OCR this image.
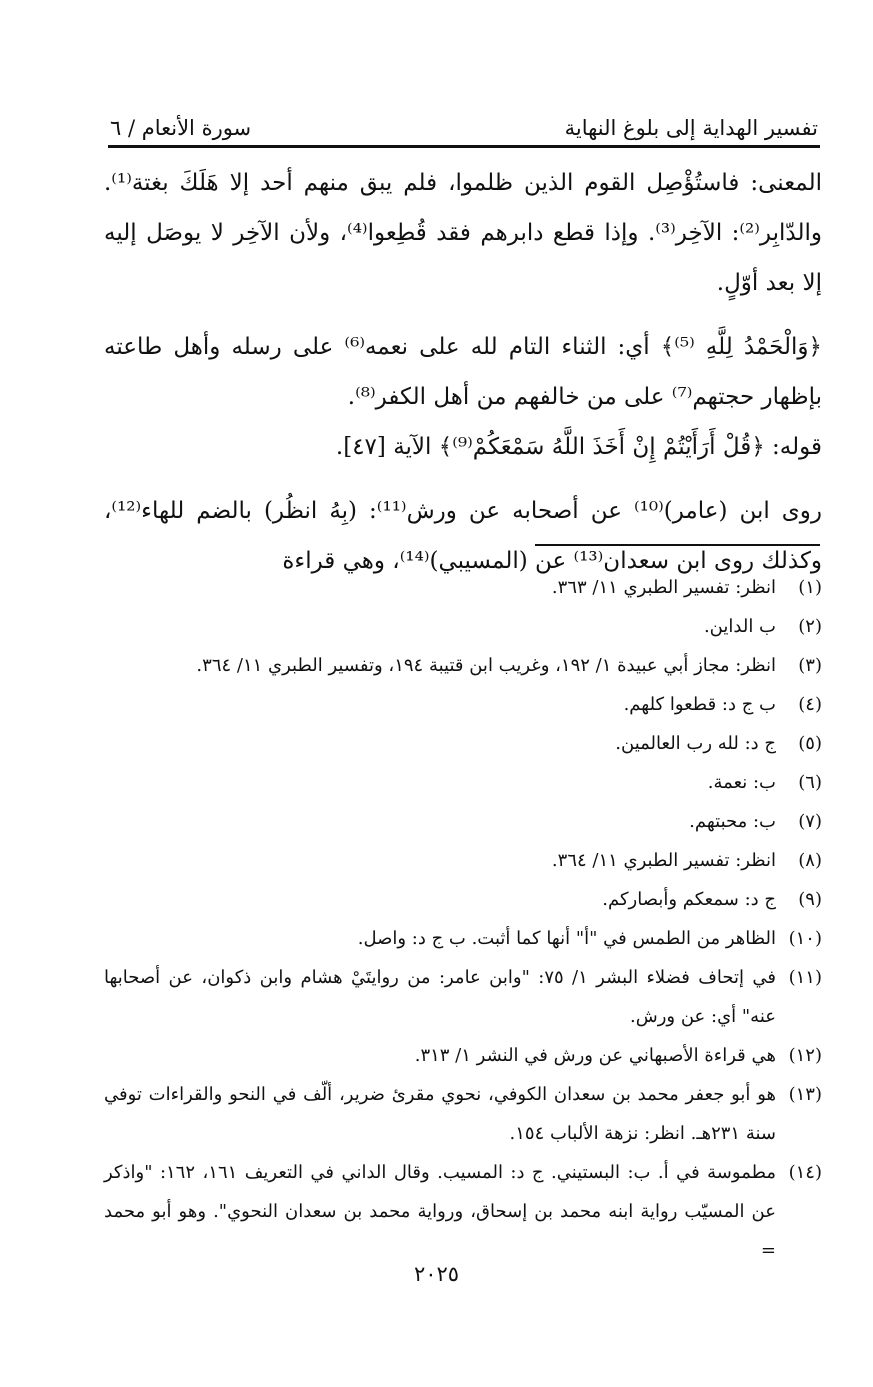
تفسير الهداية إلى بلوغ النهاية
سورة الأنعام / ٦

المعنى: فاستُؤْصِل القوم الذين ظلموا، فلم يبق منهم أحد إلا هَلَكَ بغتة⁽¹⁾. والدّابِر⁽²⁾: الآخِر⁽³⁾. وإذا قطع دابرهم فقد قُطِعوا⁽⁴⁾، ولأن الآخِر لا يوصَل إليه إلا بعد أوّلٍ.

﴿وَالْحَمْدُ لِلَّهِ ⁽⁵⁾﴾ أي: الثناء التام لله على نعمه⁽⁶⁾ على رسله وأهل طاعته بإظهار حجتهم⁽⁷⁾ على من خالفهم من أهل الكفر⁽⁸⁾.

قوله: ﴿قُلْ أَرَأَيْتُمْ إِنْ أَخَذَ اللَّهُ سَمْعَكُمْ⁽⁹⁾﴾ الآية [٤٧].

روى ابن (عامر)⁽¹⁰⁾ عن أصحابه عن ورش⁽¹¹⁾: (بِهُ انظُر) بالضم للهاء⁽¹²⁾، وكذلك روى ابن سعدان⁽¹³⁾ عن (المسيبي)⁽¹⁴⁾، وهي قراءة

(١)
انظر: تفسير الطبري ١١/ ٣٦٣.
(٢)
ب الداين.
(٣)
انظر: مجاز أبي عبيدة ١/ ١٩٢، وغريب ابن قتيبة ١٩٤، وتفسير الطبري ١١/ ٣٦٤.
(٤)
ب ج د: قطعوا كلهم.
(٥)
ج د: لله رب العالمين.
(٦)
ب: نعمة.
(٧)
ب: محبتهم.
(٨)
انظر: تفسير الطبري ١١/ ٣٦٤.
(٩)
ج د: سمعكم وأبصاركم.
(١٠)
الظاهر من الطمس في "أ" أنها كما أثبت. ب ج د: واصل.
(١١)
في إتحاف فضلاء البشر ١/ ٧٥: "وابن عامر: من روايتَيْ هشام وابن ذكوان، عن أصحابها عنه" أي: عن ورش.
(١٢)
هي قراءة الأصبهاني عن ورش في النشر ١/ ٣١٣.
(١٣)
هو أبو جعفر محمد بن سعدان الكوفي، نحوي مقرئ ضرير، ألّف في النحو والقراءات توفي سنة ٢٣١هـ. انظر: نزهة الألباب ١٥٤.
(١٤)
مطموسة في أ. ب: البستيني. ج د: المسيب. وقال الداني في التعريف ١٦١، ١٦٢: "واذكر عن المسيّب رواية ابنه محمد بن إسحاق، ورواية محمد بن سعدان النحوي". وهو أبو محمد =
٢٠٢٥
